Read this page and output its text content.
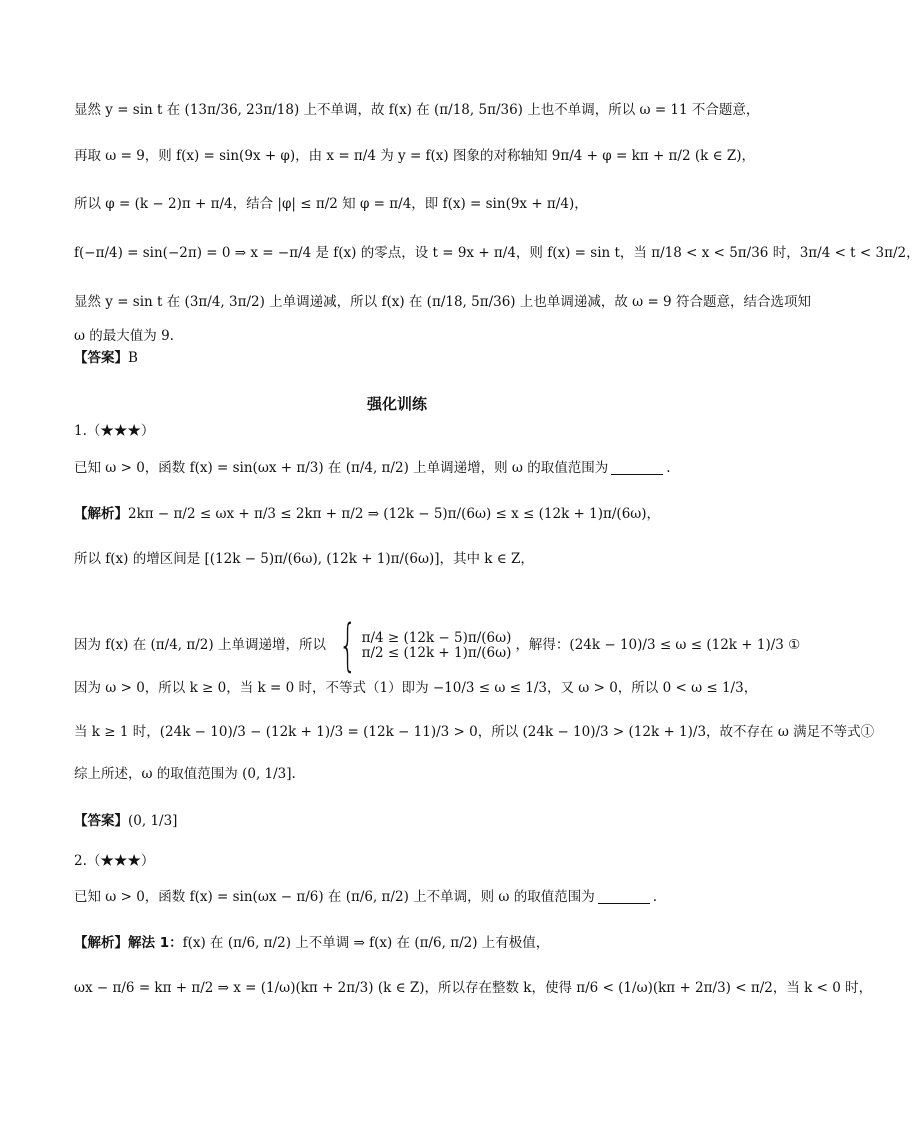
显然 y = sin t 在 (13π/36, 23π/18) 上不单调，故 f(x) 在 (π/18, 5π/36) 上也不单调，所以 ω = 11 不合题意，
再取 ω = 9，则 f(x) = sin(9x + φ)，由 x = π/4 为 y = f(x) 图象的对称轴知 9π/4 + φ = kπ + π/2 (k ∈ Z)，
所以 φ = (k − 2)π + π/4，结合 |φ| ≤ π/2 知 φ = π/4，即 f(x) = sin(9x + π/4)，
f(−π/4) = sin(−2π) = 0 ⇒ x = −π/4 是 f(x) 的零点，设 t = 9x + π/4，则 f(x) = sin t，当 π/18 < x < 5π/36 时，3π/4 < t < 3π/2，
显然 y = sin t 在 (3π/4, 3π/2) 上单调递减，所以 f(x) 在 (π/18, 5π/36) 上也单调递减，故 ω = 9 符合题意，结合选项知
ω 的最大值为 9.
【答案】 B
强化训练
1.（★★★）
已知 ω > 0，函数 f(x) = sin(ωx + π/3) 在 (π/4, π/2) 上单调递增，则 ω 的取值范围为	.
【解析】 2kπ − π/2 ≤ ωx + π/3 ≤ 2kπ + π/2 ⇒ (12k − 5)π/(6ω) ≤ x ≤ (12k + 1)π/(6ω)，
所以 f(x) 的增区间是 [(12k − 5)π/(6ω), (12k + 1)π/(6ω)]，其中 k ∈ Z，
因为 f(x) 在 (π/4, π/2) 上单调递增，所以 { π/4 ≥ (12k − 5)π/(6ω)
π/2 ≤ (12k + 1)π/(6ω) ，解得：(24k − 10)/3 ≤ ω ≤ (12k + 1)/3 ①
因为 ω > 0，所以 k ≥ 0，当 k = 0 时，不等式（1）即为 −10/3 ≤ ω ≤ 1/3，又 ω > 0，所以 0 < ω ≤ 1/3，
当 k ≥ 1 时，(24k − 10)/3 − (12k + 1)/3 = (12k − 11)/3 > 0，所以 (24k − 10)/3 > (12k + 1)/3，故不存在 ω 满足不等式①
综上所述，ω 的取值范围为 (0, 1/3].
【答案】 (0, 1/3]
2.（★★★）
已知 ω > 0，函数 f(x) = sin(ωx − π/6) 在 (π/6, π/2) 上不单调，则 ω 的取值范围为	.
【解析】解法 1： f(x) 在 (π/6, π/2) 上不单调 ⇒ f(x) 在 (π/6, π/2) 上有极值，
ωx − π/6 = kπ + π/2 ⇒ x = (1/ω)(kπ + 2π/3) (k ∈ Z)，所以存在整数 k，使得 π/6 < (1/ω)(kπ + 2π/3) < π/2，当 k < 0 时，
